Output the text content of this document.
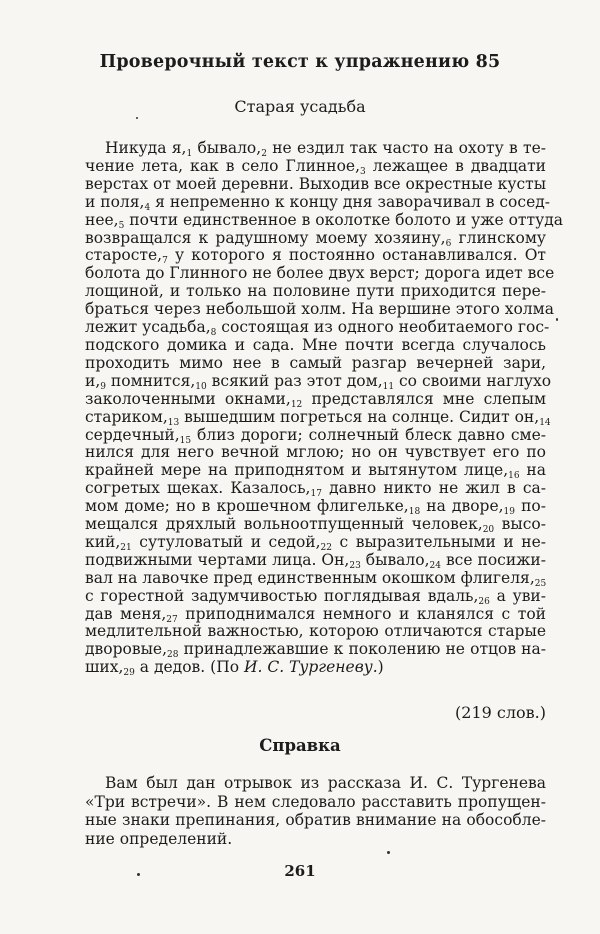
Проверочный текст к упражнению 85
Старая усадьба
Никуда $я,_1$ $бывало,_2$ не ездил так часто на охоту в те-
чение лета, как в село $Глинное,_3$ лежащее в двадцати
верстах от моей деревни. Выходив все окрестные кусты
и $поля,_4$ я непременно к концу дня заворачивал в сосед-
$нее,_5$ почти единственное в околотке болото и уже оттуда
возвращался к радушному моему $хозяину,_6$ глинскому
$старосте,_7$ у которого я постоянно останавливался. От
болота до Глинного не более двух верст; дорога идет все
лощиной, и только на половине пути приходится пере-
браться через небольшой холм. На вершине этого холма
лежит $усадьба,_8$ состоящая из одного необитаемого гос-
подского домика и сада. Мне почти всегда случалось
проходить мимо нее в самый разгар вечерней зари,
$и,_9$ $помнится,_{10}$ всякий раз этот $дом,_{11}$ со своими наглухо
заколоченными $окнами,_{12}$ представлялся мне слепым
$стариком,_{13}$ вышедшим погреться на солнце. Сидит $он,_{14}$
$сердечный,_{15}$ близ дороги; солнечный блеск давно сме-
нился для него вечной мглою; но он чувствует его по
крайней мере на приподнятом и вытянутом $лице,_{16}$ на
согретых щеках. $Казалось,_{17}$ давно никто не жил в са-
мом доме; но в крошечном $флигельке,_{18}$ на $дворе,_{19}$ по-
мещался дряхлый вольноотпущенный $человек,_{20}$ высо-
$кий,_{21}$ сутуловатый и $седой,_{22}$ с выразительными и не-
подвижными чертами лица. $Он,_{23}$ $бывало,_{24}$ все посижи-
вал на лавочке пред единственным окошком $флигеля,_{25}$
с горестной задумчивостью поглядывая $вдаль,_{26}$ а уви-
дав $меня,_{27}$ приподнимался немного и кланялся с той
медлительной важностью, которою отличаются старые
$дворовые,_{28}$ принадлежавшие к поколению не отцов на-
$ших,_{29}$ а дедов. (По И. С. Тургеневу.)
(219 слов.)
Справка
Вам был дан отрывок из рассказа И. С. Тургенева
«Три встречи». В нем следовало расставить пропущен-
ные знаки препинания, обратив внимание на обособле-
ние определений.
261
